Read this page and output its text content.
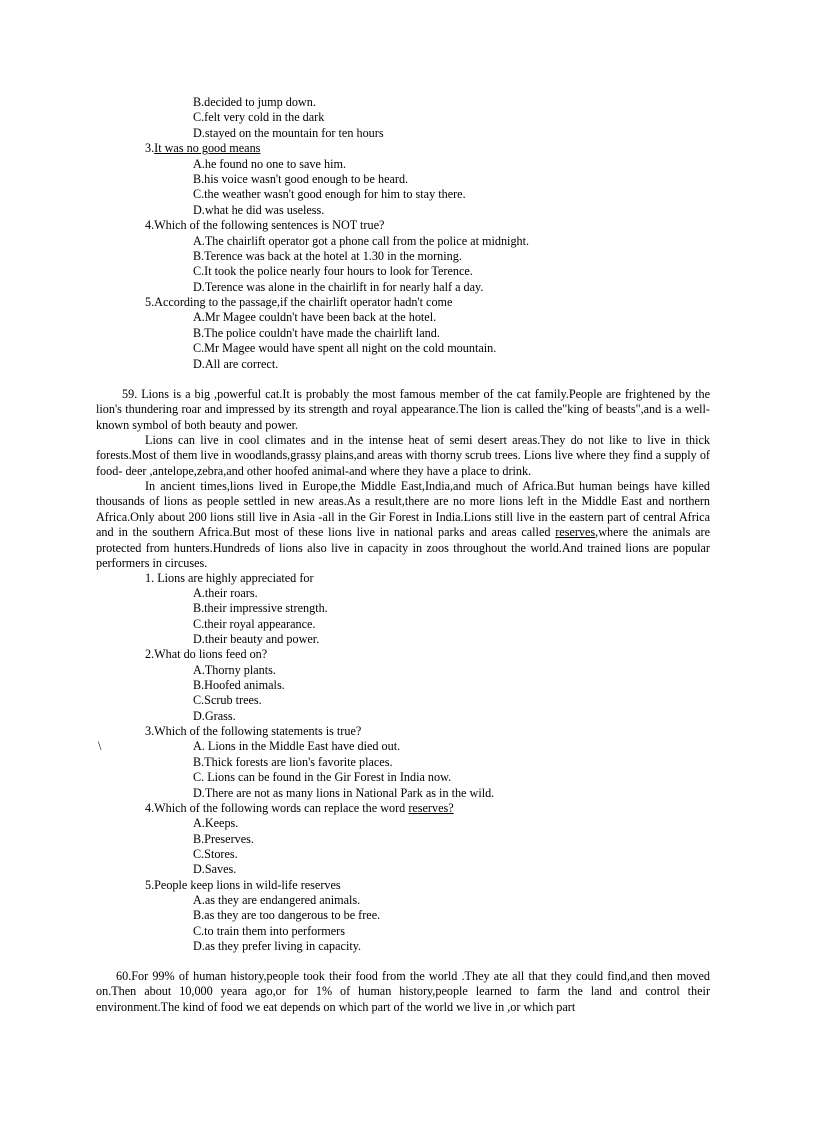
B.decided to jump down.
C.felt very cold in the dark
D.stayed on the mountain for ten hours
3.It was no good means
A.he found no one to save him.
B.his voice wasn't good enough to be heard.
C.the weather wasn't good enough for him to stay there.
D.what he did was useless.
4.Which of the following sentences is NOT true?
A.The chairlift operator got a phone call from the police at midnight.
B.Terence was back at the hotel at 1.30 in the morning.
C.It took the police nearly four hours to look for Terence.
D.Terence was alone in the chairlift in for nearly half a day.
5.According to the passage,if the chairlift operator hadn't come
A.Mr Magee couldn't have been back at the hotel.
B.The police couldn't have made the chairlift land.
C.Mr Magee would have spent all night on the cold mountain.
D.All are correct.
59. Lions is a big ,powerful cat.It is probably the most famous member of the cat family.People are frightened by the lion's thundering roar and impressed by its strength and royal appearance.The lion is called the"king of beasts",and is a well-known symbol of both beauty and power.
Lions can live in cool climates and in the intense heat of semi desert areas.They do not like to live in thick forests.Most of them live in woodlands,grassy plains,and areas with thorny scrub trees. Lions live where they find a supply of food- deer ,antelope,zebra,and other hoofed animal-and where they have a place to drink.
In ancient times,lions lived in Europe,the Middle East,India,and much of Africa.But human beings have killed thousands of lions as people settled in new areas.As a result,there are no more lions left in the Middle East and northern Africa.Only about 200 lions still live in Asia -all in the Gir Forest in India.Lions still live in the eastern part of central Africa and in the southern Africa.But most of these lions live in national parks and areas called reserves,where the animals are protected from hunters.Hundreds of lions also live in capacity in zoos throughout the world.And trained lions are popular performers in circuses.
1. Lions are highly appreciated for
A.their roars.
B.their impressive strength.
C.their royal appearance.
D.their beauty and power.
2.What do lions feed on?
A.Thorny plants.
B.Hoofed animals.
C.Scrub trees.
D.Grass.
3.Which of the following statements is true?
\	A. Lions in the Middle East have died out.
B.Thick forests are lion's favorite places.
C. Lions can be found in the Gir Forest in India now.
D.There are not as many lions in National Park as in the wild.
4.Which of the following words can replace the word reserves?
A.Keeps.
B.Preserves.
C.Stores.
D.Saves.
5.People keep lions in wild-life reserves
A.as they are endangered animals.
B.as they are too dangerous to be free.
C.to train them into performers
D.as they prefer living in capacity.
60.For 99% of human history,people took their food from the world .They ate all that they could find,and then moved on.Then about 10,000 yeara ago,or for 1% of human history,people learned to farm the land and control their environment.The kind of food we eat depends on which part of the world we live in ,or which part
